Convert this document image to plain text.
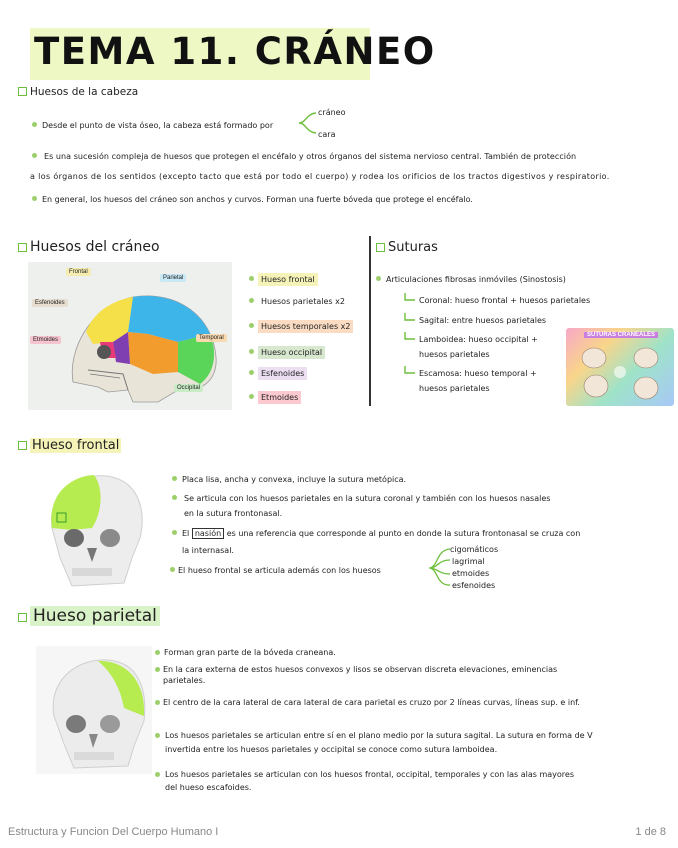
TEMA 11. CRÁNEO
Huesos de la cabeza
Desde el punto de vista óseo, la cabeza está formado por
cráneo
cara
Es una sucesión compleja de huesos que protegen el encéfalo y otros órganos del sistema nervioso central. También de protección
a los órganos de los sentidos (excepto tacto que está por todo el cuerpo) y rodea los orificios de los tractos digestivos y respiratorio.
En general, los huesos del cráneo son anchos y curvos. Forman una fuerte bóveda que protege el encéfalo.
Huesos del cráneo
Frontal
Parietal
Esfenoides
Etmoides	Temporal
Occipital
Hueso frontal
Huesos parietales x2
Huesos temporales x2
Hueso occipital
Esfenoides
Etmoides
Suturas
Articulaciones fibrosas inmóviles (Sinostosis)
Coronal: hueso frontal + huesos parietales
Sagital: entre huesos parietales
Lamboidea: hueso occipital +
huesos parietales
Escamosa: hueso temporal +
huesos parietales
SUTURAS CRANEALES
Hueso frontal
Placa lisa, ancha y convexa, incluye la sutura metópica.
Se articula con los huesos parietales en la sutura coronal y también con los huesos nasales
en la sutura frontonasal.
El nasión es una referencia que corresponde al punto en donde la sutura frontonasal se cruza con
la internasal.
El hueso frontal se articula además con los huesos
cigomáticos
lagrimal
etmoides
esfenoides
Hueso parietal
Forman gran parte de la bóveda craneana.
En la cara externa de estos huesos convexos y lisos se observan discreta elevaciones, eminencias
parietales.
El centro de la cara lateral de cara lateral de cara parietal es cruzo por 2 líneas curvas, líneas sup. e inf.
Los huesos parietales se articulan entre sí en el plano medio por la sutura sagital. La sutura en forma de V
invertida entre los huesos parietales y occipital se conoce como sutura lamboidea.
Los huesos parietales se articulan con los huesos frontal, occipital, temporales y con las alas mayores
del hueso escafoides.
Estructura y Funcion Del Cuerpo Humano I	1 de 8
